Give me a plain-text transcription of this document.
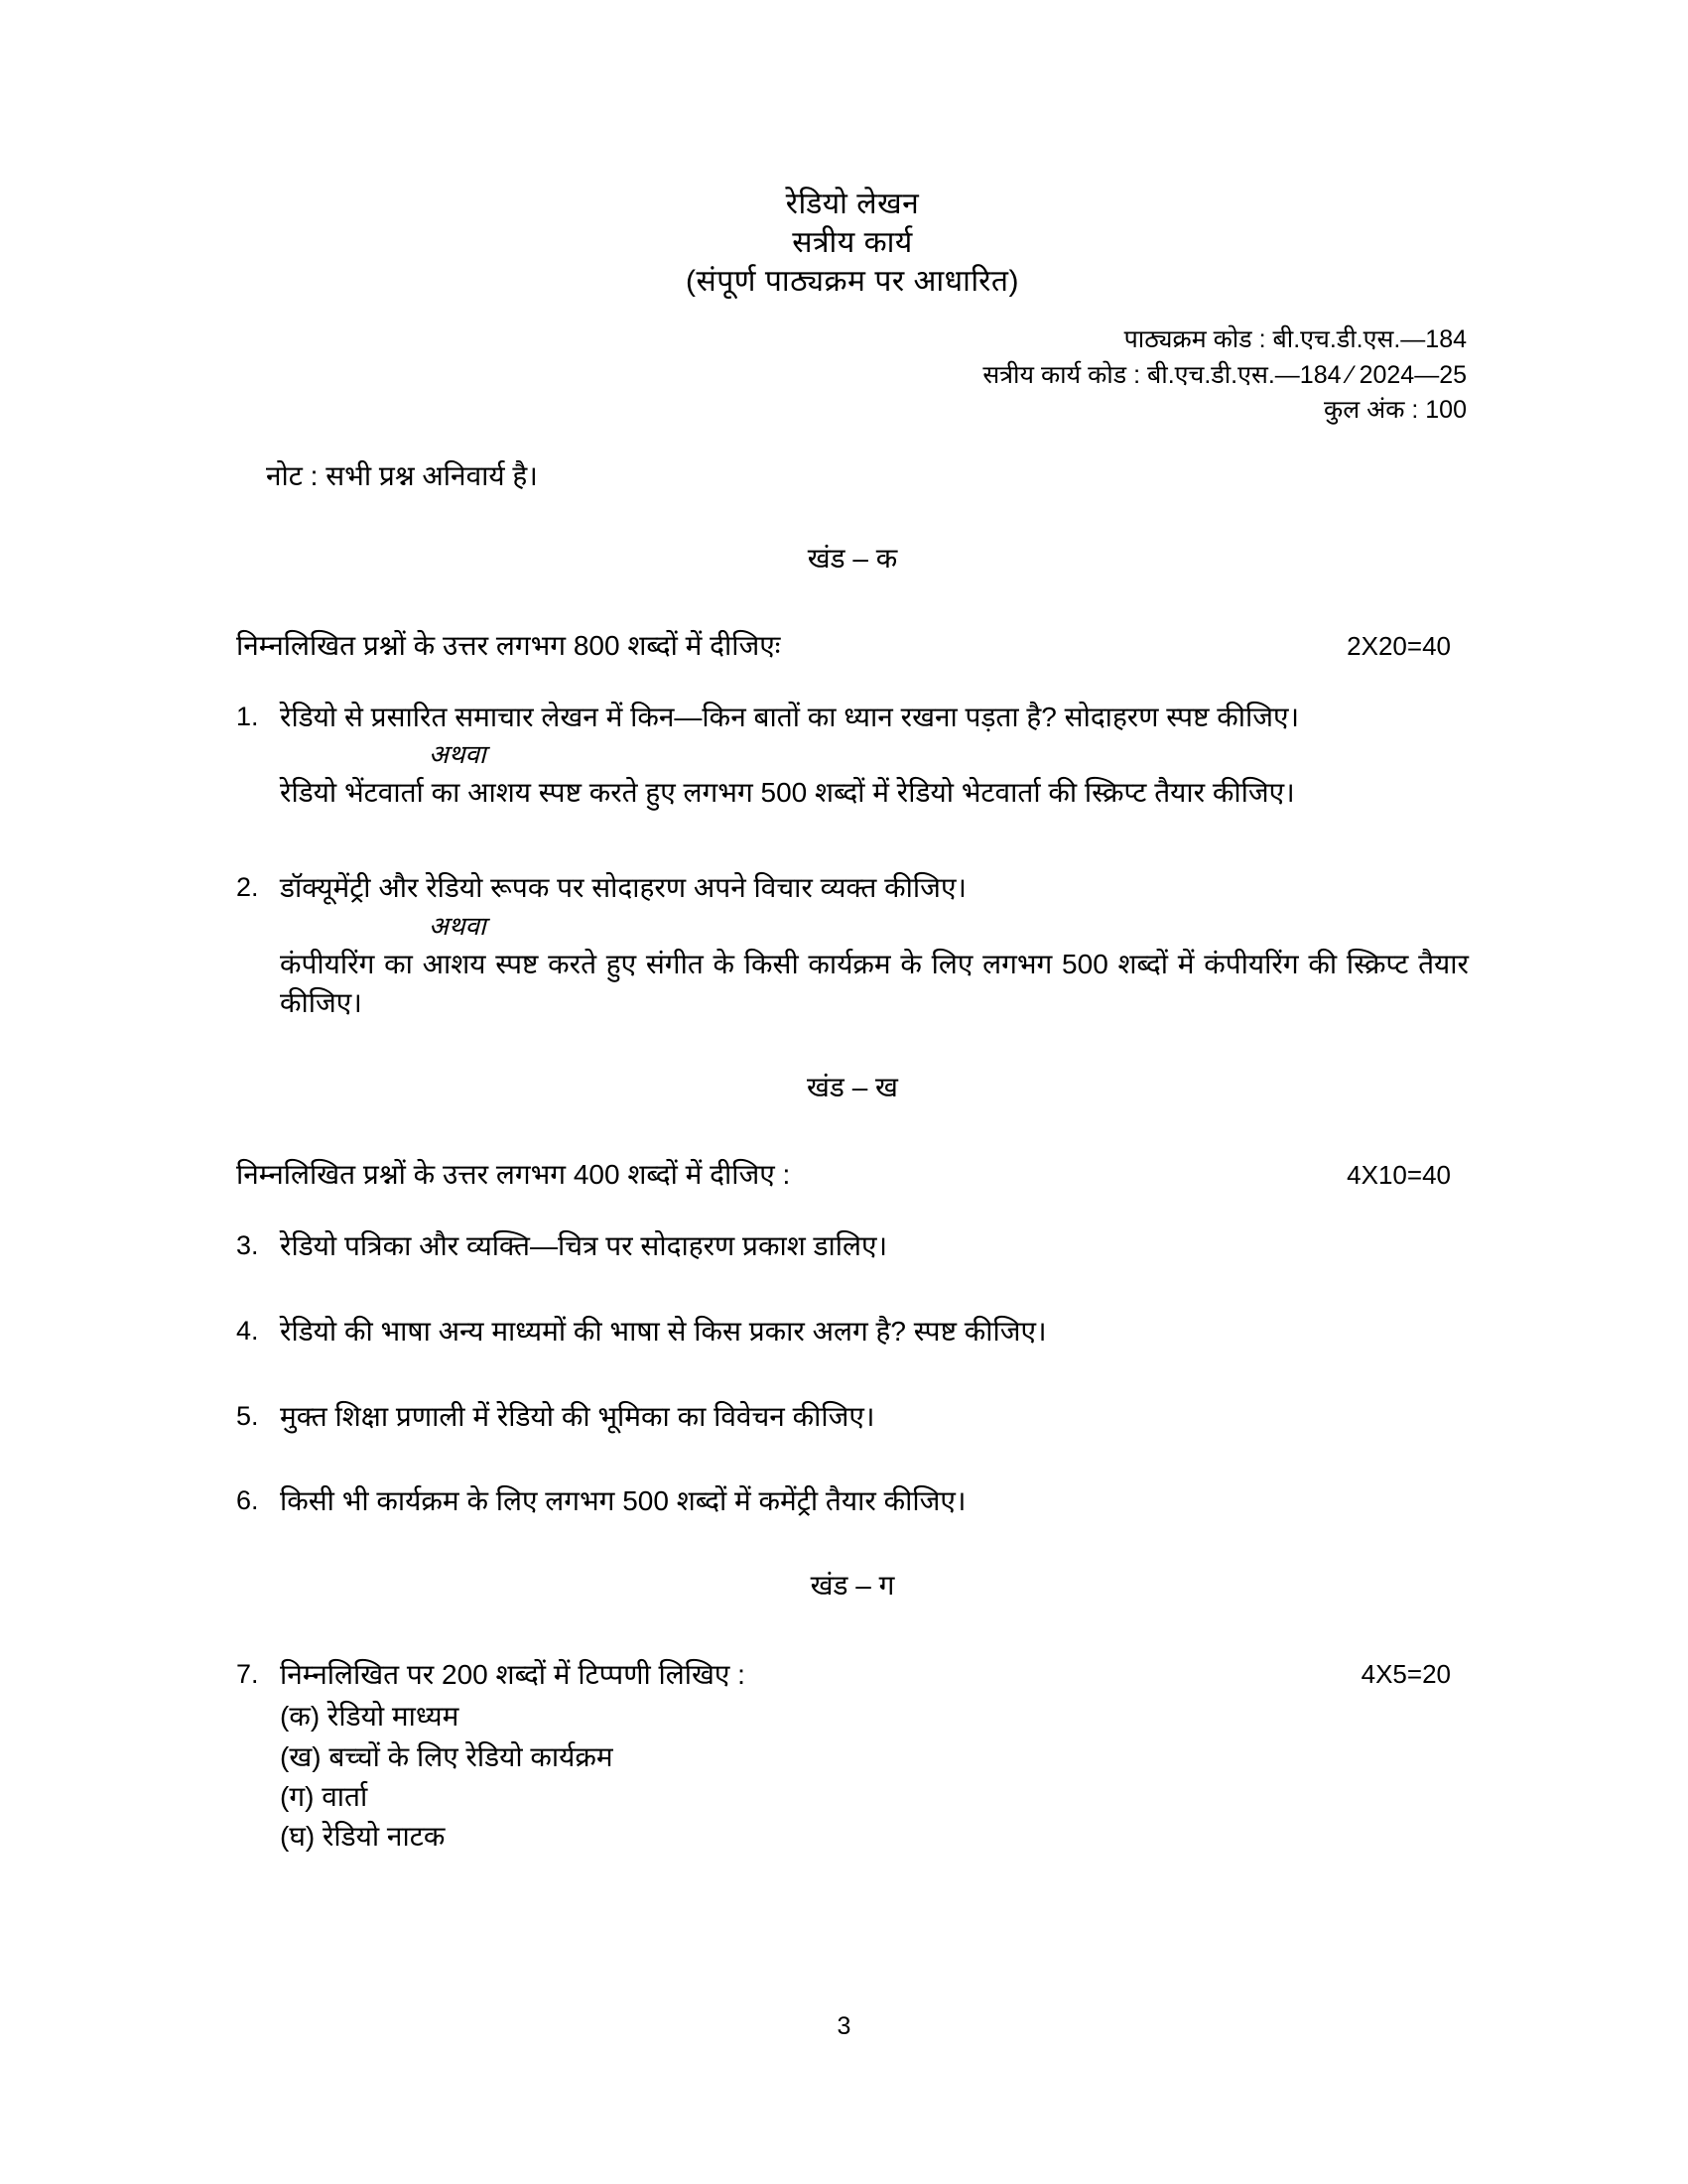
रेडियो लेखन
सत्रीय कार्य
(संपूर्ण पाठ्यक्रम पर आधारित)
पाठ्यक्रम कोड : बी.एच.डी.एस.—184
सत्रीय कार्य कोड : बी.एच.डी.एस.—184 ⁄ 2024—25
कुल अंक : 100
नोट : सभी प्रश्न अनिवार्य है।
खंड – क
निम्नलिखित प्रश्नों के उत्तर लगभग 800 शब्दों में दीजिएः	2X20=40
1. रेडियो से प्रसारित समाचार लेखन में किन—किन बातों का ध्यान रखना पड़ता है? सोदाहरण स्पष्ट कीजिए।
अथवा
रेडियो भेंटवार्ता का आशय स्पष्ट करते हुए लगभग 500 शब्दों में रेडियो भेटवार्ता की स्क्रिप्ट तैयार कीजिए।
2. डॉक्यूमेंट्री और रेडियो रूपक पर सोदाहरण अपने विचार व्यक्त कीजिए।
अथवा
कंपीयरिंग का आशय स्पष्ट करते हुए संगीत के किसी कार्यक्रम के लिए लगभग 500 शब्दों में कंपीयरिंग की स्क्रिप्ट तैयार कीजिए।
खंड – ख
निम्नलिखित प्रश्नों के उत्तर लगभग 400 शब्दों में दीजिए :	4X10=40
3. रेडियो पत्रिका और व्यक्ति—चित्र पर सोदाहरण प्रकाश डालिए।
4. रेडियो की भाषा अन्य माध्यमों की भाषा से किस प्रकार अलग है? स्पष्ट कीजिए।
5. मुक्त शिक्षा प्रणाली में रेडियो की भूमिका का विवेचन कीजिए।
6. किसी भी कार्यक्रम के लिए लगभग 500 शब्दों में कमेंट्री तैयार कीजिए।
खंड – ग
7. निम्नलिखित पर 200 शब्दों में टिप्पणी लिखिए :	4X5=20
(क) रेडियो माध्यम
(ख) बच्चों के लिए रेडियो कार्यक्रम
(ग) वार्ता
(घ) रेडियो नाटक
3
